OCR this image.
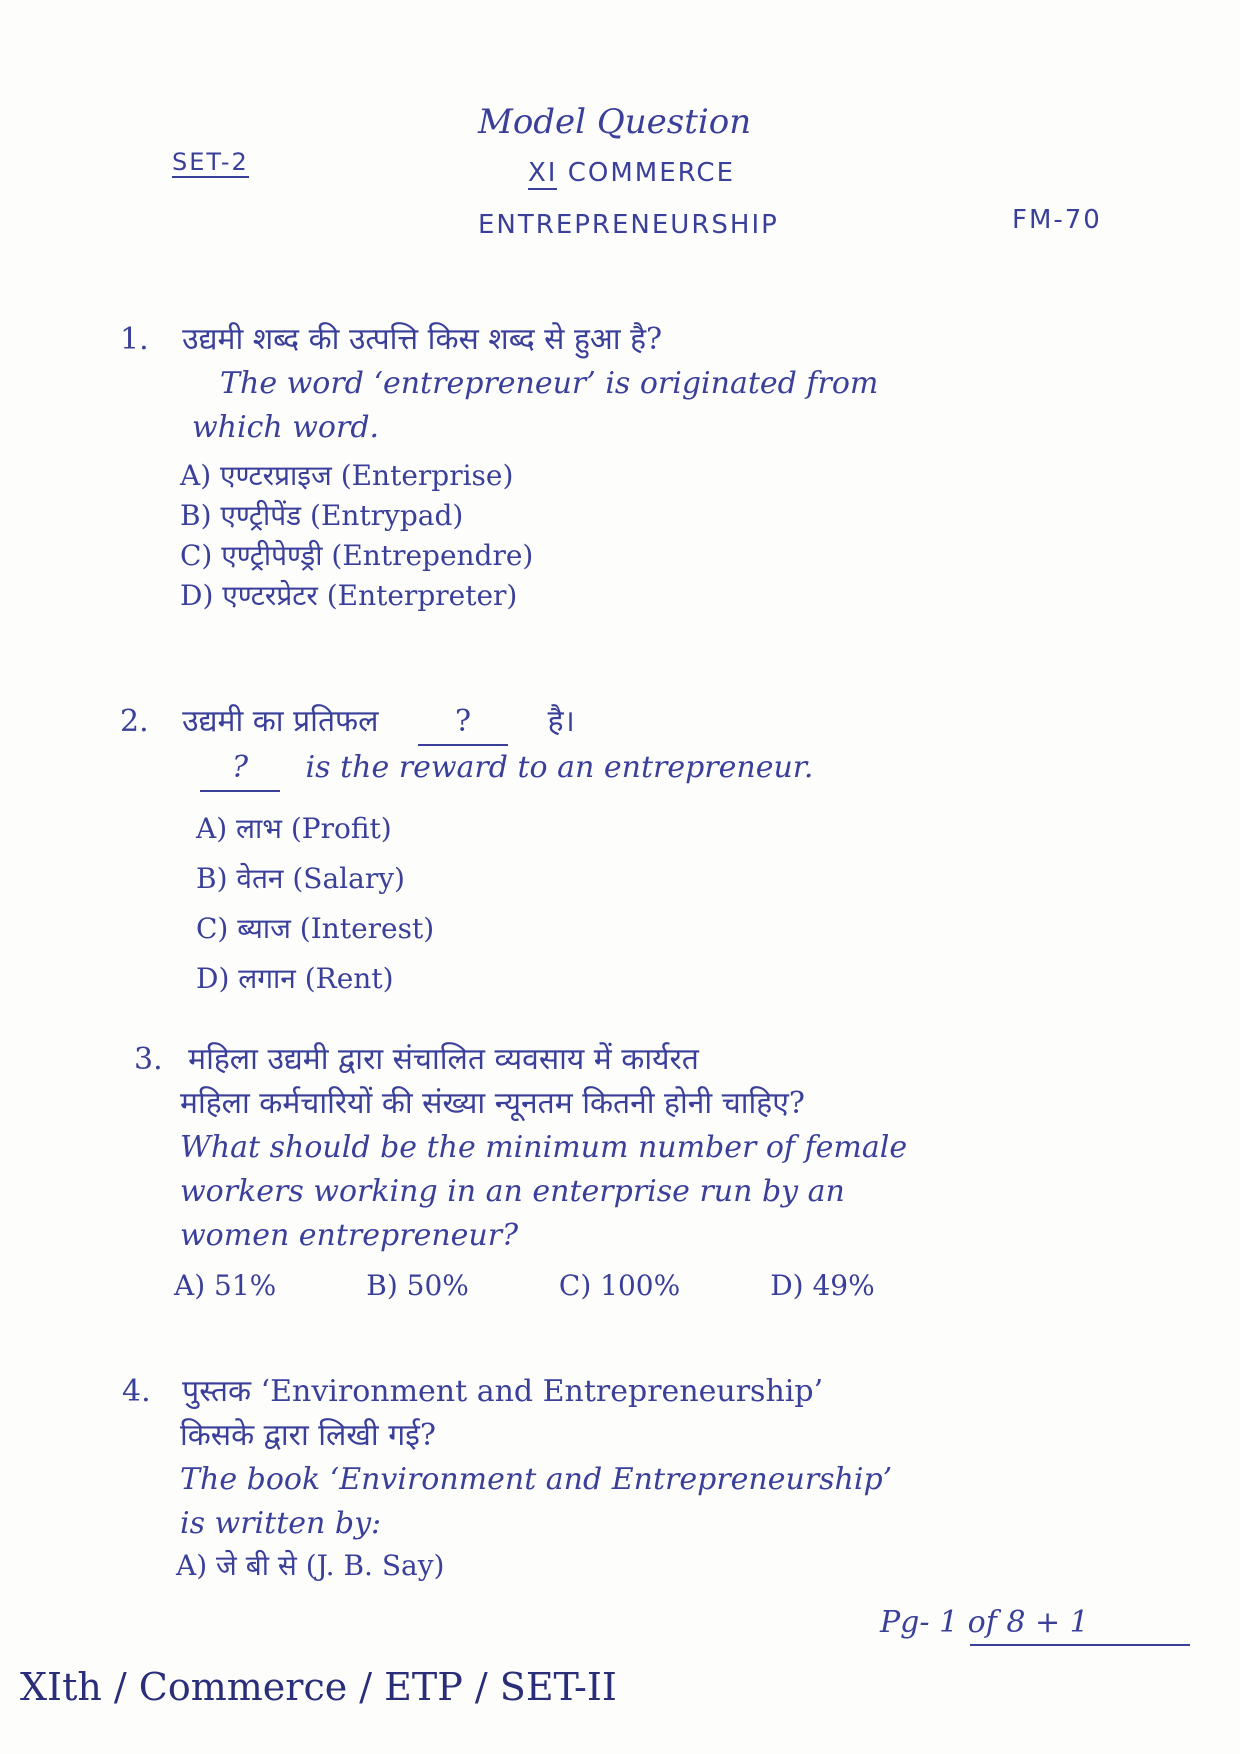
SET-2
Model Question
XI COMMERCE
ENTREPRENEURSHIP	FM-70
1. उद्यमी शब्द की उत्पत्ति किस शब्द से हुआ है?
The word ‘entrepreneur’ is originated from
which word.
A) एण्टरप्राइज (Enterprise)
B) एण्ट्रीपेंड (Entrypad)
C) एण्ट्रीपेण्ड्री (Entrependre)
D) एण्टरप्रेटर (Enterpreter)
2. उद्यमी का प्रतिफल	?	है।
? is the reward to an entrepreneur.
A) लाभ (Profit)
B) वेतन (Salary)
C) ब्याज (Interest)
D) लगान (Rent)
3. महिला उद्यमी द्वारा संचालित व्यवसाय में कार्यरत
महिला कर्मचारियों की संख्या न्यूनतम कितनी होनी चाहिए?
What should be the minimum number of female
workers working in an enterprise run by an
women entrepreneur?
A) 51%	B) 50%	C) 100%	D) 49%
4. पुस्तक ‘Environment and Entrepreneurship’
किसके द्वारा लिखी गई?
The book ‘Environment and Entrepreneurship’
is written by:
A) जे बी से (J. B. Say)
Pg- 1 of 8 + 1
XIth / Commerce / ETP / SET-II
